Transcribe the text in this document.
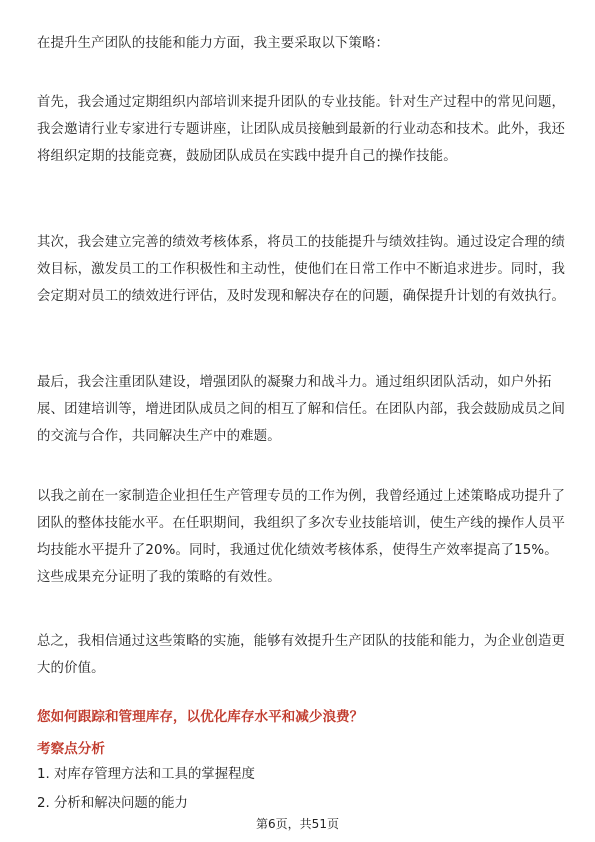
在提升生产团队的技能和能力方面，我主要采取以下策略：

首先，我会通过定期组织内部培训来提升团队的专业技能。针对生产过程中的常见问题，我会邀请行业专家进行专题讲座，让团队成员接触到最新的行业动态和技术。此外，我还将组织定期的技能竞赛，鼓励团队成员在实践中提升自己的操作技能。

其次，我会建立完善的绩效考核体系，将员工的技能提升与绩效挂钩。通过设定合理的绩效目标，激发员工的工作积极性和主动性，使他们在日常工作中不断追求进步。同时，我会定期对员工的绩效进行评估，及时发现和解决存在的问题，确保提升计划的有效执行。

最后，我会注重团队建设，增强团队的凝聚力和战斗力。通过组织团队活动，如户外拓展、团建培训等，增进团队成员之间的相互了解和信任。在团队内部，我会鼓励成员之间的交流与合作，共同解决生产中的难题。

以我之前在一家制造企业担任生产管理专员的工作为例，我曾经通过上述策略成功提升了团队的整体技能水平。在任职期间，我组织了多次专业技能培训，使生产线的操作人员平均技能水平提升了20%。同时，我通过优化绩效考核体系，使得生产效率提高了15%。这些成果充分证明了我的策略的有效性。

总之，我相信通过这些策略的实施，能够有效提升生产团队的技能和能力，为企业创造更大的价值。

您如何跟踪和管理库存，以优化库存水平和减少浪费？

考察点分析

1. 对库存管理方法和工具的掌握程度

2. 分析和解决问题的能力

第6页，共51页
